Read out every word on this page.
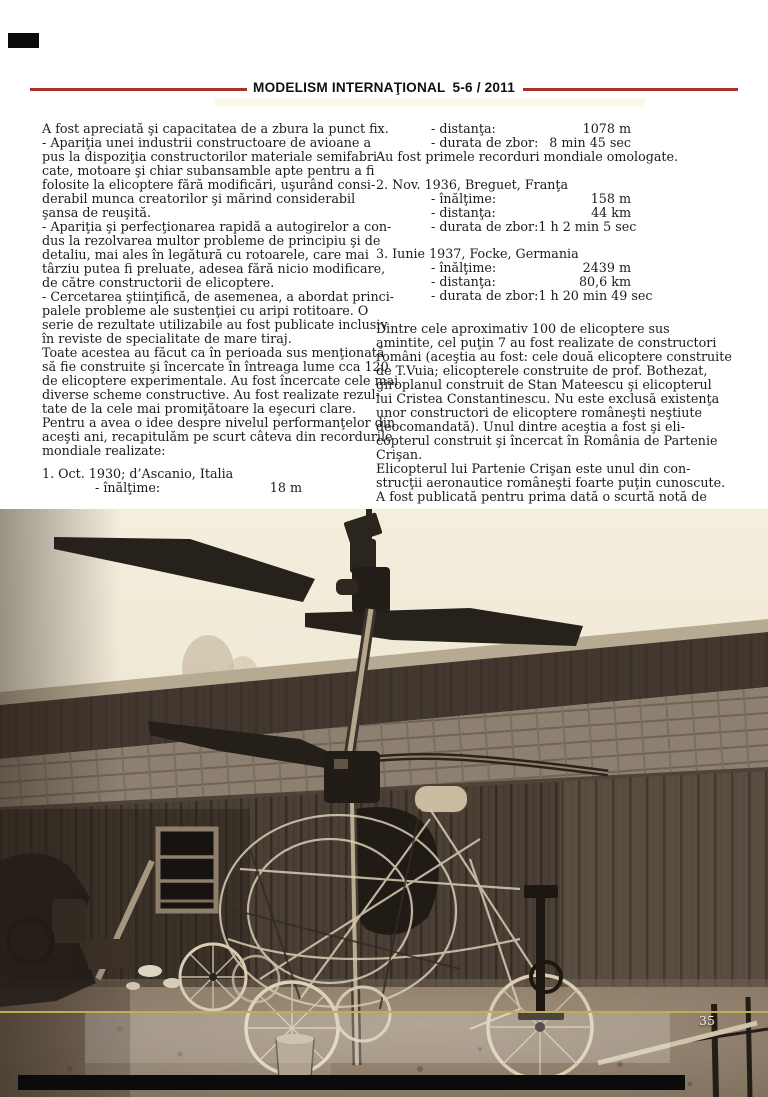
MODELISM INTERNAŢIONAL 5-6 / 2011
A fost apreciată şi capacitatea de a zbura la punct fix.
- Apariţia unei industrii constructoare de avioane a
pus la dispoziţia constructorilor materiale semifabri-
cate, motoare şi chiar subansamble apte pentru a fi
folosite la elicoptere fără modificări, uşurând consi-
derabil munca creatorilor şi mărind considerabil
şansa de reuşită.
- Apariţia şi perfecţionarea rapidă a autogirelor a con-
dus la rezolvarea multor probleme de principiu şi de
detaliu, mai ales în legătură cu rotoarele, care mai
târziu putea fi preluate, adesea fără nicio modificare,
de către constructorii de elicoptere.
- Cercetarea ştiinţifică, de asemenea, a abordat princi-
palele probleme ale sustenţiei cu aripi rotitoare. O
serie de rezultate utilizabile au fost publicate inclusiv
în reviste de specialitate de mare tiraj.
Toate acestea au făcut ca în perioada sus menţionată
să fie construite şi încercate în întreaga lume cca 120
de elicoptere experimentale. Au fost încercate cele mai
diverse scheme constructive. Au fost realizate rezul-
tate de la cele mai promiţătoare la eşecuri clare.
Pentru a avea o idee despre nivelul performanţelor din
aceşti ani, recapitulăm pe scurt câteva din recordurile
mondiale realizate:
1. Oct. 1930; d’Ascanio, Italia
- înălţime:	18 m
- distanţa:	1078 m
- durata de zbor: 8 min 45 sec
Au fost primele recorduri mondiale omologate.
2. Nov. 1936, Breguet, Franţa
- înălţime:	158 m
- distanţa:	44 km
- durata de zbor: 1 h 2 min 5 sec
3. Iunie 1937, Focke, Germania
- înălţime:	2439 m
- distanţa:	80,6 km
- durata de zbor: 1 h 20 min 49 sec
Dintre cele aproximativ 100 de elicoptere sus
amintite, cel puţin 7 au fost realizate de constructori
români (aceştia au fost: cele două elicoptere construite
de T.Vuia; elicopterele construite de prof. Bothezat,
giroplanul construit de Stan Mateescu şi elicopterul
lui Cristea Constantinescu. Nu este exclusă existenţa
unor constructori de elicoptere româneşti neştiute
deocomandată). Unul dintre aceştia a fost şi eli-
copterul construit şi încercat în România de Partenie
Crişan.
Elicopterul lui Partenie Crişan este unul din con-
strucţii aeronautice româneşti foarte puţin cunoscute.
A fost publicată pentru prima dată o scurtă notă de
35
